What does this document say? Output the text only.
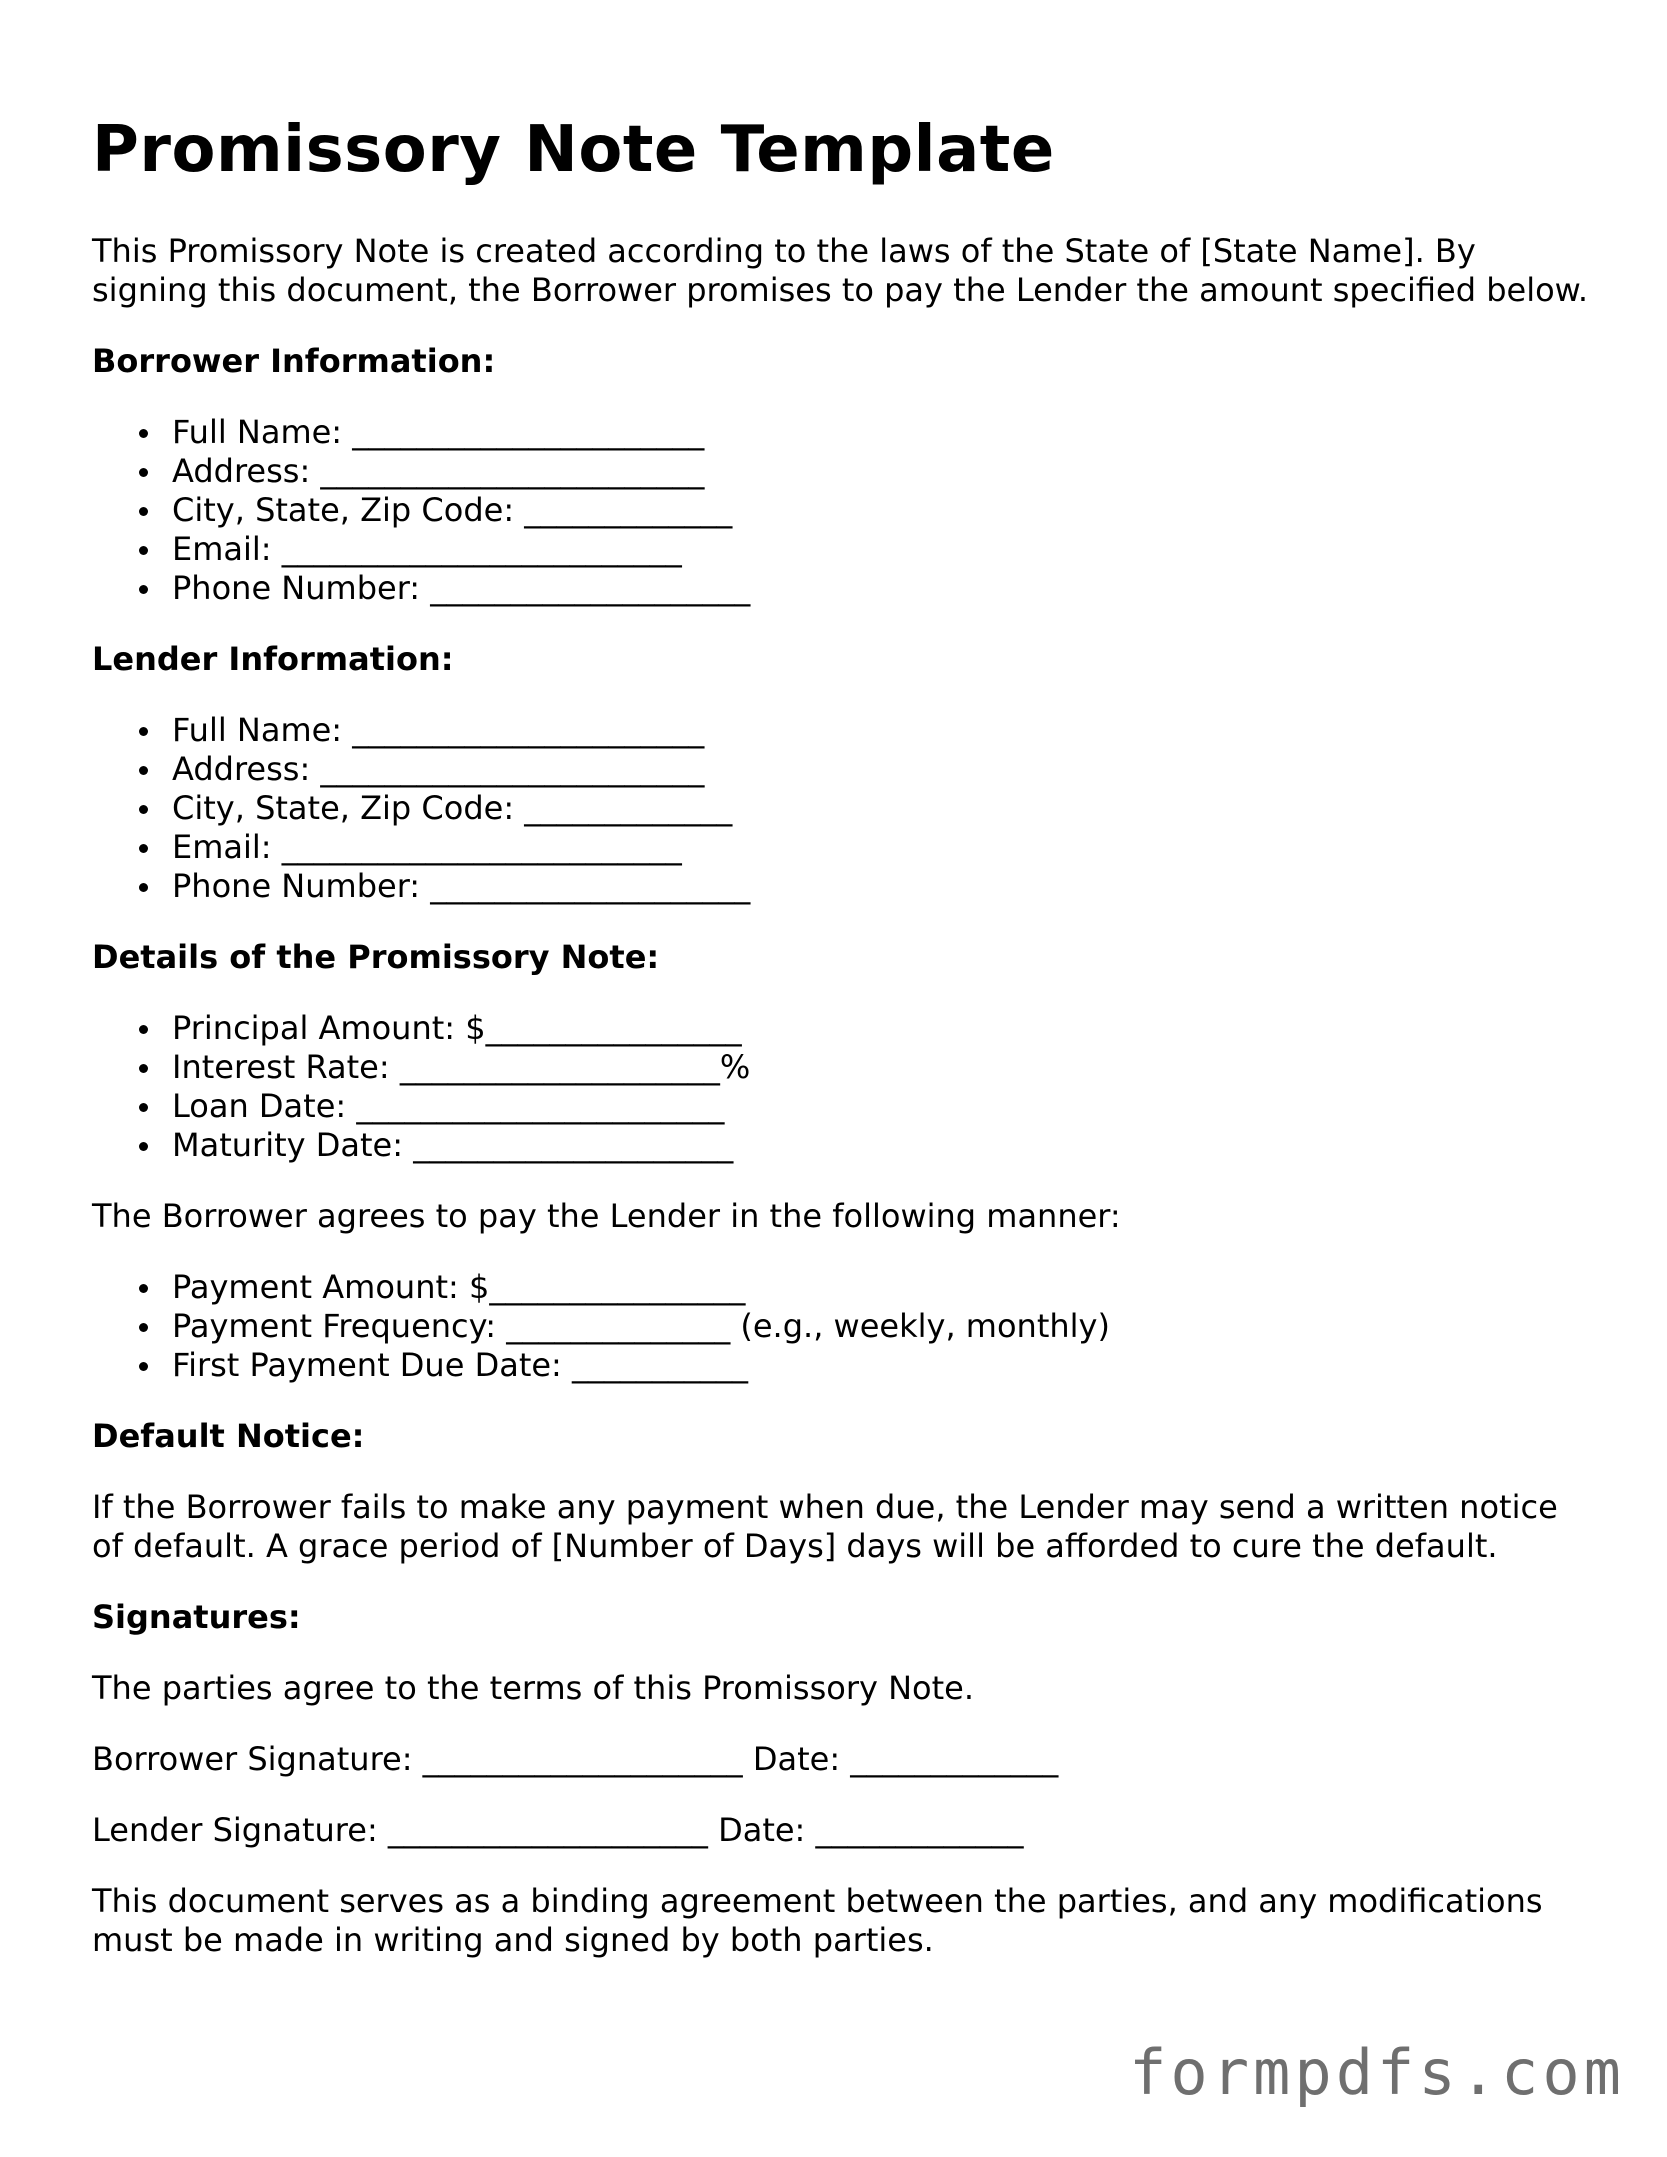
Promissory Note Template

This Promissory Note is created according to the laws of the State of [State Name]. By signing this document, the Borrower promises to pay the Lender the amount specified below.

Borrower Information:
Full Name: ______________________
Address: ________________________
City, State, Zip Code: _____________
Email: _________________________
Phone Number: ____________________
Lender Information:
Full Name: ______________________
Address: ________________________
City, State, Zip Code: _____________
Email: _________________________
Phone Number: ____________________
Details of the Promissory Note:
Principal Amount: $________________
Interest Rate: ____________________%
Loan Date: _______________________
Maturity Date: ____________________

The Borrower agrees to pay the Lender in the following manner:

Payment Amount: $________________
Payment Frequency: ______________ (e.g., weekly, monthly)
First Payment Due Date: ___________
Default Notice:

If the Borrower fails to make any payment when due, the Lender may send a written notice of default. A grace period of [Number of Days] days will be afforded to cure the default.

Signatures:

The parties agree to the terms of this Promissory Note.

Borrower Signature: ____________________ Date: _____________
Lender Signature: ____________________ Date: _____________

This document serves as a binding agreement between the parties, and any modifications must be made in writing and signed by both parties.

formpdfs.com
